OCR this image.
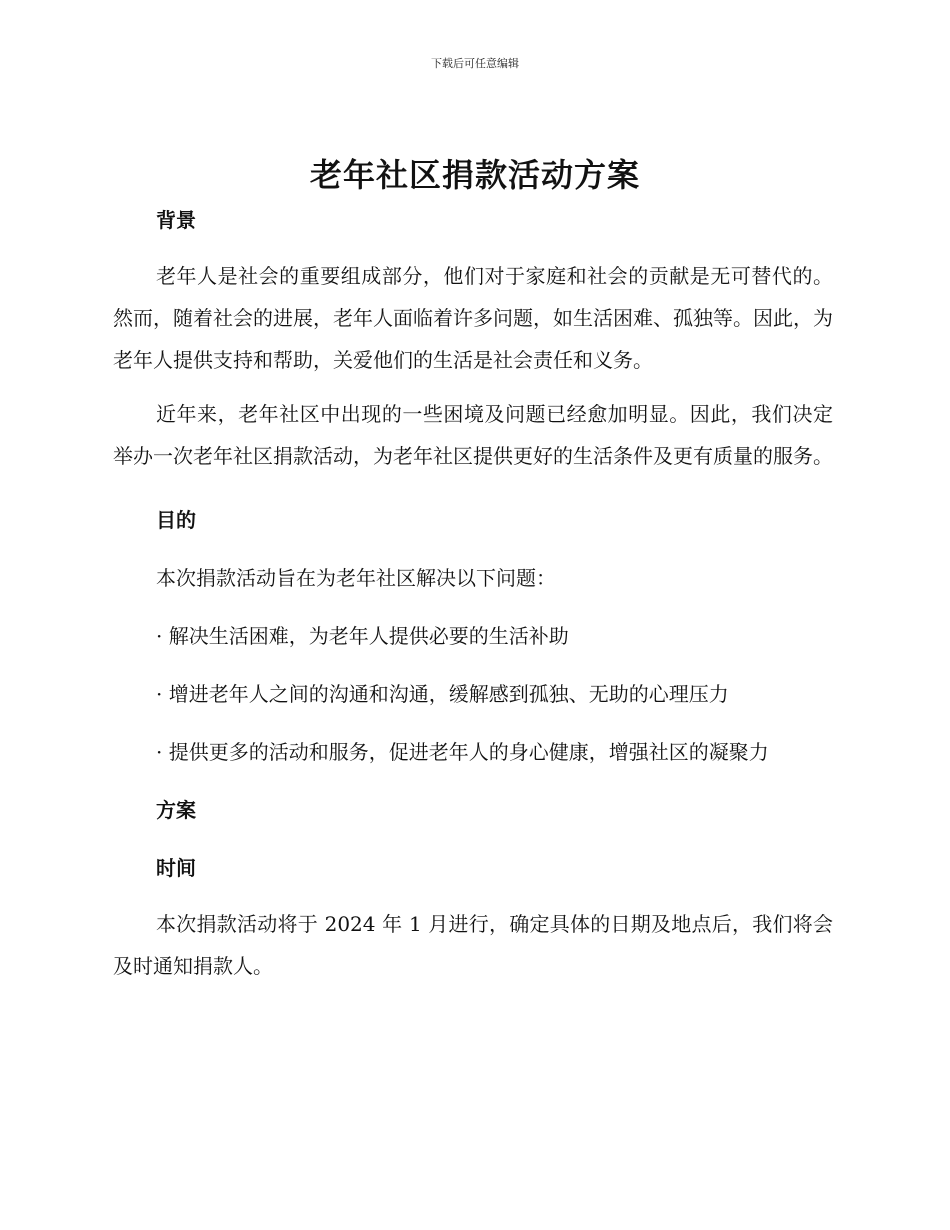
下载后可任意编辑
老年社区捐款活动方案
背景

老年人是社会的重要组成部分，他们对于家庭和社会的贡献是无可替代的。然而，随着社会的进展，老年人面临着许多问题，如生活困难、孤独等。因此，为老年人提供支持和帮助，关爱他们的生活是社会责任和义务。

近年来，老年社区中出现的一些困境及问题已经愈加明显。因此，我们决定举办一次老年社区捐款活动，为老年社区提供更好的生活条件及更有质量的服务。

目的

本次捐款活动旨在为老年社区解决以下问题：

· 解决生活困难，为老年人提供必要的生活补助

· 增进老年人之间的沟通和沟通，缓解感到孤独、无助的心理压力

· 提供更多的活动和服务，促进老年人的身心健康，增强社区的凝聚力

方案
时间

本次捐款活动将于 2024 年 1 月进行，确定具体的日期及地点后，我们将会及时通知捐款人。
